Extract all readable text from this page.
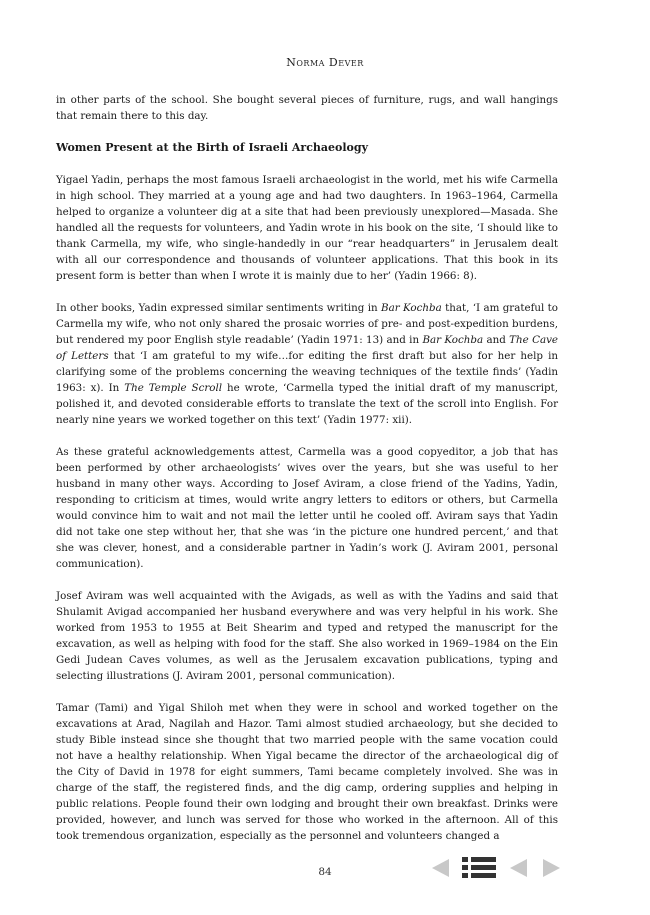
Norma Dever

in other parts of the school. She bought several pieces of furniture, rugs, and wall hangings that remain there to this day.

Women Present at the Birth of Israeli Archaeology

Yigael Yadin, perhaps the most famous Israeli archaeologist in the world, met his wife Carmella in high school. They married at a young age and had two daughters. In 1963–1964, Carmella helped to organize a volunteer dig at a site that had been previously unexplored—Masada. She handled all the requests for volunteers, and Yadin wrote in his book on the site, ‘I should like to thank Carmella, my wife, who single-handedly in our “rear headquarters” in Jerusalem dealt with all our correspondence and thousands of volunteer applications. That this book in its present form is better than when I wrote it is mainly due to her’ (Yadin 1966: 8).

In other books, Yadin expressed similar sentiments writing in Bar Kochba that, ‘I am grateful to Carmella my wife, who not only shared the prosaic worries of pre- and post-expedition burdens, but rendered my poor English style readable’ (Yadin 1971: 13) and in Bar Kochba and The Cave of Letters that ‘I am grateful to my wife…for editing the first draft but also for her help in clarifying some of the problems concerning the weaving techniques of the textile finds’ (Yadin 1963: x). In The Temple Scroll he wrote, ‘Carmella typed the initial draft of my manuscript, polished it, and devoted considerable efforts to translate the text of the scroll into English. For nearly nine years we worked together on this text’ (Yadin 1977: xii).

As these grateful acknowledgements attest, Carmella was a good copyeditor, a job that has been performed by other archaeologists’ wives over the years, but she was useful to her husband in many other ways. According to Josef Aviram, a close friend of the Yadins, Yadin, responding to criticism at times, would write angry letters to editors or others, but Carmella would convince him to wait and not mail the letter until he cooled off. Aviram says that Yadin did not take one step without her, that she was ‘in the picture one hundred percent,’ and that she was clever, honest, and a considerable partner in Yadin’s work (J. Aviram 2001, personal communication).

Josef Aviram was well acquainted with the Avigads, as well as with the Yadins and said that Shulamit Avigad accompanied her husband everywhere and was very helpful in his work. She worked from 1953 to 1955 at Beit Shearim and typed and retyped the manuscript for the excavation, as well as helping with food for the staff. She also worked in 1969–1984 on the Ein Gedi Judean Caves volumes, as well as the Jerusalem excavation publications, typing and selecting illustrations (J. Aviram 2001, personal communication).

Tamar (Tami) and Yigal Shiloh met when they were in school and worked together on the excavations at Arad, Nagilah and Hazor. Tami almost studied archaeology, but she decided to study Bible instead since she thought that two married people with the same vocation could not have a healthy relationship. When Yigal became the director of the archaeological dig of the City of David in 1978 for eight summers, Tami became completely involved. She was in charge of the staff, the registered finds, and the dig camp, ordering supplies and helping in public relations. People found their own lodging and brought their own breakfast. Drinks were provided, however, and lunch was served for those who worked in the afternoon. All of this took tremendous organization, especially as the personnel and volunteers changed a

84
